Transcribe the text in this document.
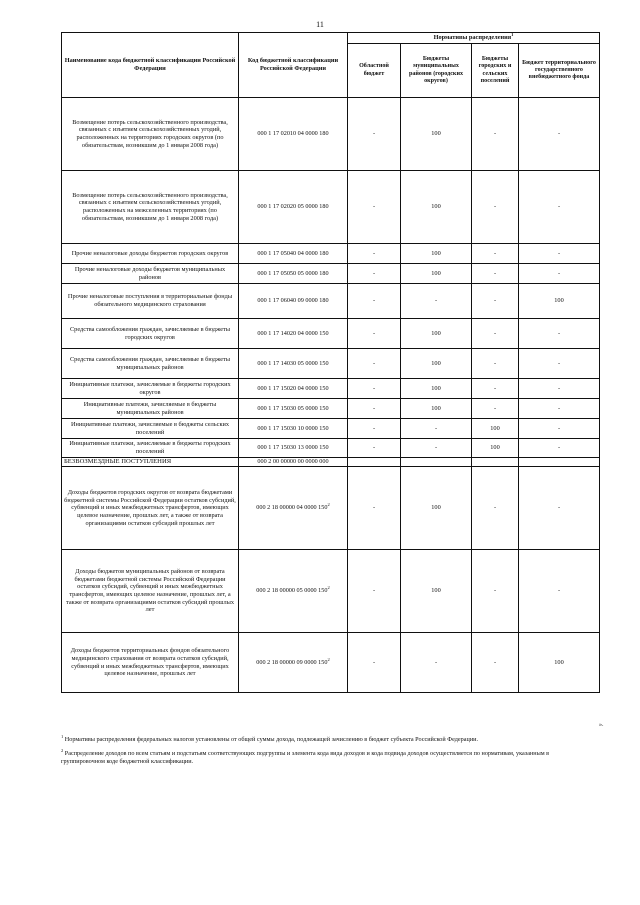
11
Наименование кода бюджетной классификации Российской Федерации	Код бюджетной классификации Российской Федерации	Нормативы распределения$^1$
		Областной бюджет	Бюджеты муниципальных районов (городских округов)	Бюджеты городских и сельских поселений	Бюджет территориального государственного внебюджетного фонда
Возмещение потерь сельскохозяйственного производства, связанных с изъятием сельскохозяйственных угодий, расположенных на территориях городских округов (по обязательствам, возникшим до 1 января 2008 года)	000 1 17 02010 04 0000 180	-	100	-	-
Возмещение потерь сельскохозяйственного производства, связанных с изъятием сельскохозяйственных угодий, расположенных на межселенных территориях (по обязательствам, возникшим до 1 января 2008 года)	000 1 17 02020 05 0000 180	-	100	-	-
Прочие неналоговые доходы бюджетов городских округов	000 1 17 05040 04 0000 180	-	100	-	-
Прочие неналоговые доходы бюджетов муниципальных районов	000 1 17 05050 05 0000 180	-	100	-	-
Прочие неналоговые поступления в территориальные фонды обязательного медицинского страхования	000 1 17 06040 09 0000 180	-	-	-	100
Средства самообложения граждан, зачисляемые в бюджеты городских округов	000 1 17 14020 04 0000 150	-	100	-	-
Средства самообложения граждан, зачисляемые в бюджеты муниципальных районов	000 1 17 14030 05 0000 150	-	100	-	-
Инициативные платежи, зачисляемые в бюджеты городских округов	000 1 17 15020 04 0000 150	-	100	-	-
Инициативные платежи, зачисляемые в бюджеты муниципальных районов	000 1 17 15030 05 0000 150	-	100	-	-
Инициативные платежи, зачисляемые в бюджеты сельских поселений	000 1 17 15030 10 0000 150	-	-	100	-
Инициативные платежи, зачисляемые в бюджеты городских поселений	000 1 17 15030 13 0000 150	-	-	100	-
БЕЗВОЗМЕЗДНЫЕ ПОСТУПЛЕНИЯ	000 2 00 00000 00 0000 000				
Доходы бюджетов городских округов от возврата бюджетами бюджетной системы Российской Федерации остатков субсидий, субвенций и иных межбюджетных трансфертов, имеющих целевое назначение, прошлых лет, а также от возврата организациями остатков субсидий прошлых лет	000 2 18 00000 04 0000 $150^2$	-	100	-	-
Доходы бюджетов муниципальных районов от возврата бюджетами бюджетной системы Российской Федерации остатков субсидий, субвенций и иных межбюджетных трансфертов, имеющих целевое назначение, прошлых лет, а также от возврата организациями остатков субсидий прошлых лет	000 2 18 00000 05 0000 $150^2$	-	100	-	-
Доходы бюджетов территориальных фондов обязательного медицинского страхования от возврата остатков субсидий, субвенций и иных межбюджетных трансфертов, имеющих целевое назначение, прошлых лет	000 2 18 00000 09 0000 $150^2$	-	-	-	100
».

$^1$ Нормативы распределения федеральных налогов установлены от общей суммы дохода, подлежащей зачислению в бюджет субъекта Российской Федерации.

$^2$ Распределение доходов по всем статьям и подстатьям соответствующих подгруппы и элемента кода вида доходов и кода подвида доходов осуществляется по нормативам, указанным в группировочном коде бюджетной классификации.
